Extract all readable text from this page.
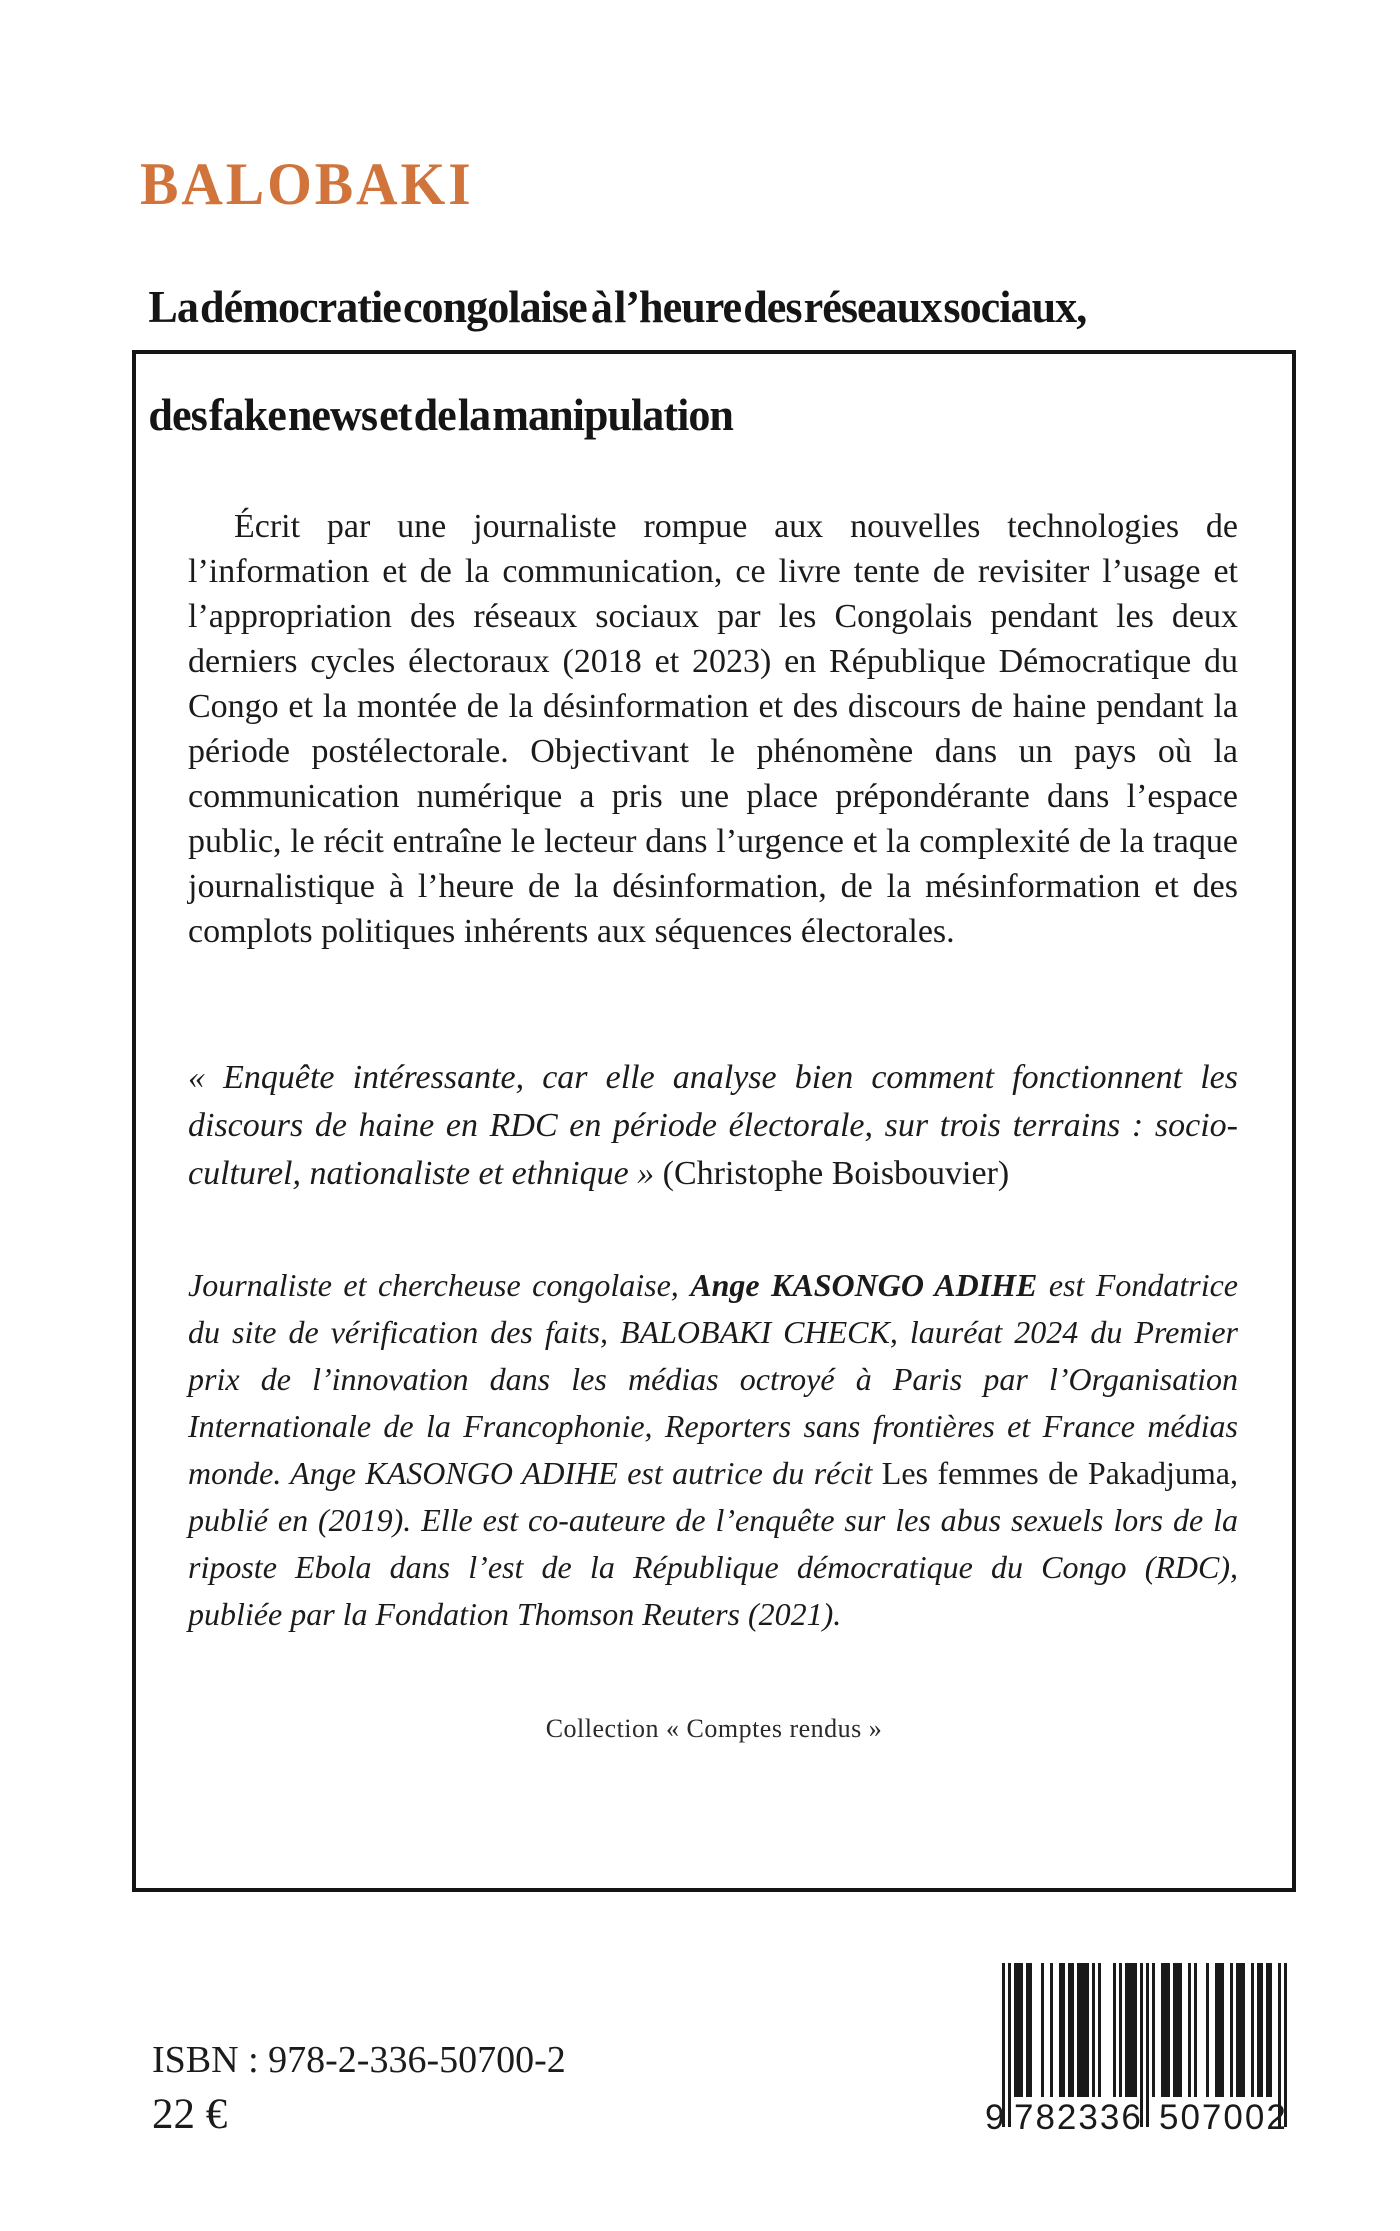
BALOBAKI

La démocratie congolaise  à l’heure des réseaux sociaux,

des fake news et de la manipulation

Écrit par une journaliste rompue aux nouvelles technologies de l’information et de la communication, ce livre tente de revisiter l’usage et l’appropriation des réseaux sociaux par les Congolais pendant les deux derniers cycles électoraux (2018 et 2023) en République Démocratique du Congo et la montée de la désinformation et des discours de haine pendant la période postélectorale. Objectivant le phénomène dans un pays où la communication numérique a pris une place prépondérante dans l’espace public, le récit entraîne le lecteur dans l’urgence et la complexité de la traque journalistique à l’heure de la désinformation, de la mésinformation et des complots politiques inhérents aux séquences électorales.

« Enquête intéressante, car elle analyse bien comment fonctionnent les discours de haine en RDC en période électorale, sur trois terrains : socio-culturel, nationaliste et ethnique » (Christophe Boisbouvier)

Journaliste et chercheuse congolaise, Ange KASONGO ADIHE est Fondatrice du site de vérification des faits, BALOBAKI CHECK, lauréat 2024 du Premier prix de l’innovation dans les médias octroyé à Paris par l’Organisation Internationale de la Francophonie, Reporters sans frontières et France médias monde. Ange KASONGO ADIHE est autrice du récit Les femmes de Pakadjuma, publié en (2019). Elle est co-auteure de l’enquête sur les abus sexuels lors de la riposte Ebola dans l’est de la République démocratique du Congo (RDC), publiée par la Fondation Thomson Reuters (2021).

Collection « Comptes rendus »
ISBN : 978-2-336-50700-2
22 €	9 782336 507002
